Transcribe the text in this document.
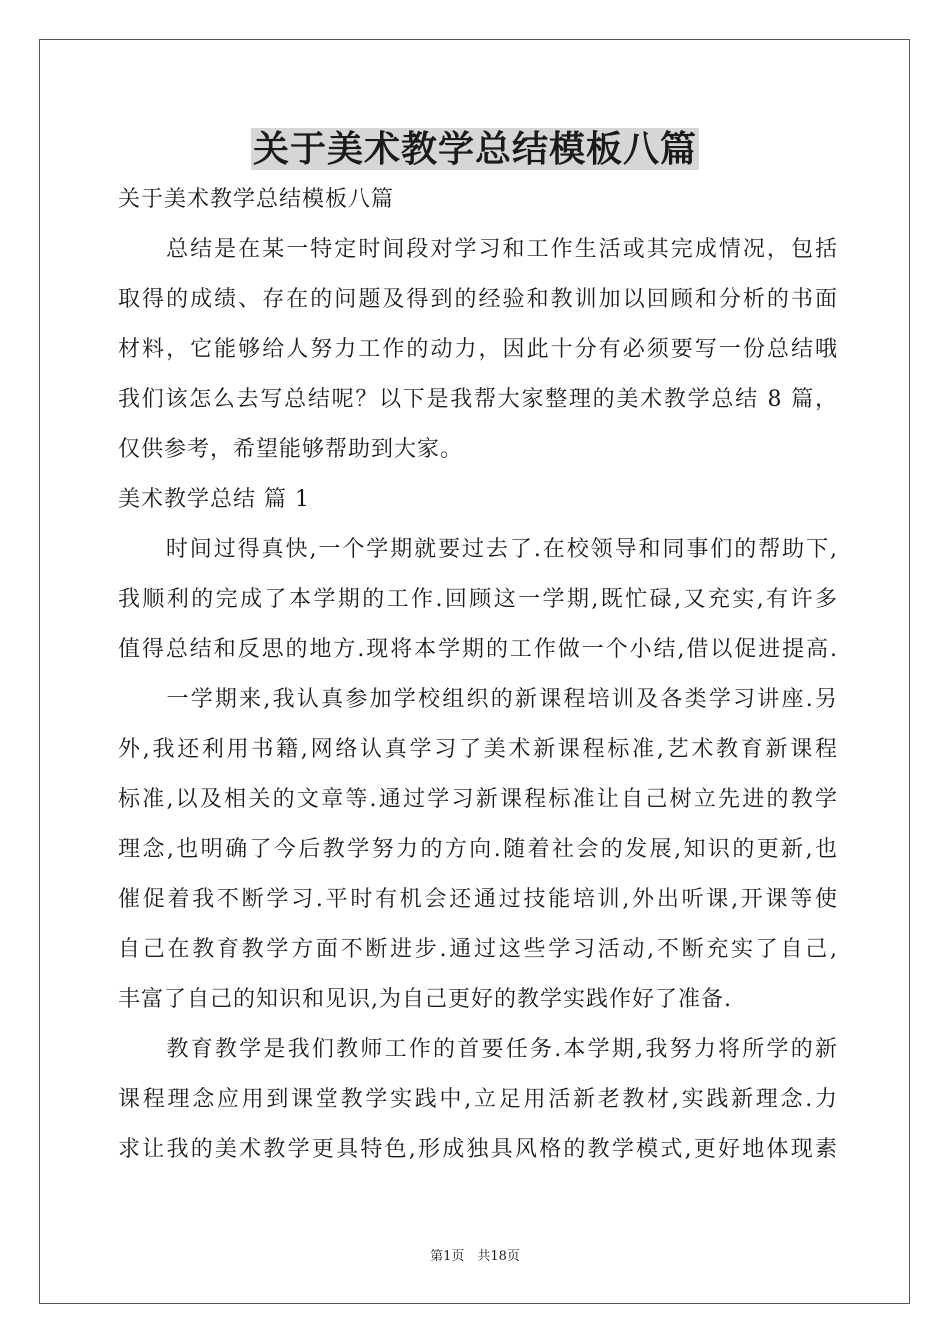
关于美术教学总结模板八篇
关于美术教学总结模板八篇
　　总结是在某一特定时间段对学习和工作生活或其完成情况，包括
取得的成绩、存在的问题及得到的经验和教训加以回顾和分析的书面
材料，它能够给人努力工作的动力，因此十分有必须要写一份总结哦
我们该怎么去写总结呢？以下是我帮大家整理的美术教学总结 8 篇，
仅供参考，希望能够帮助到大家。
美术教学总结 篇 1
　　时间过得真快,一个学期就要过去了.在校领导和同事们的帮助下,
我顺利的完成了本学期的工作.回顾这一学期,既忙碌,又充实,有许多
值得总结和反思的地方.现将本学期的工作做一个小结,借以促进提高.
　　一学期来,我认真参加学校组织的新课程培训及各类学习讲座.另
外,我还利用书籍,网络认真学习了美术新课程标准,艺术教育新课程
标准,以及相关的文章等.通过学习新课程标准让自己树立先进的教学
理念,也明确了今后教学努力的方向.随着社会的发展,知识的更新,也
催促着我不断学习.平时有机会还通过技能培训,外出听课,开课等使
自己在教育教学方面不断进步.通过这些学习活动,不断充实了自己,
丰富了自己的知识和见识,为自己更好的教学实践作好了准备.
　　教育教学是我们教师工作的首要任务.本学期,我努力将所学的新
课程理念应用到课堂教学实践中,立足用活新老教材,实践新理念.力
求让我的美术教学更具特色,形成独具风格的教学模式,更好地体现素
第1页　共18页
